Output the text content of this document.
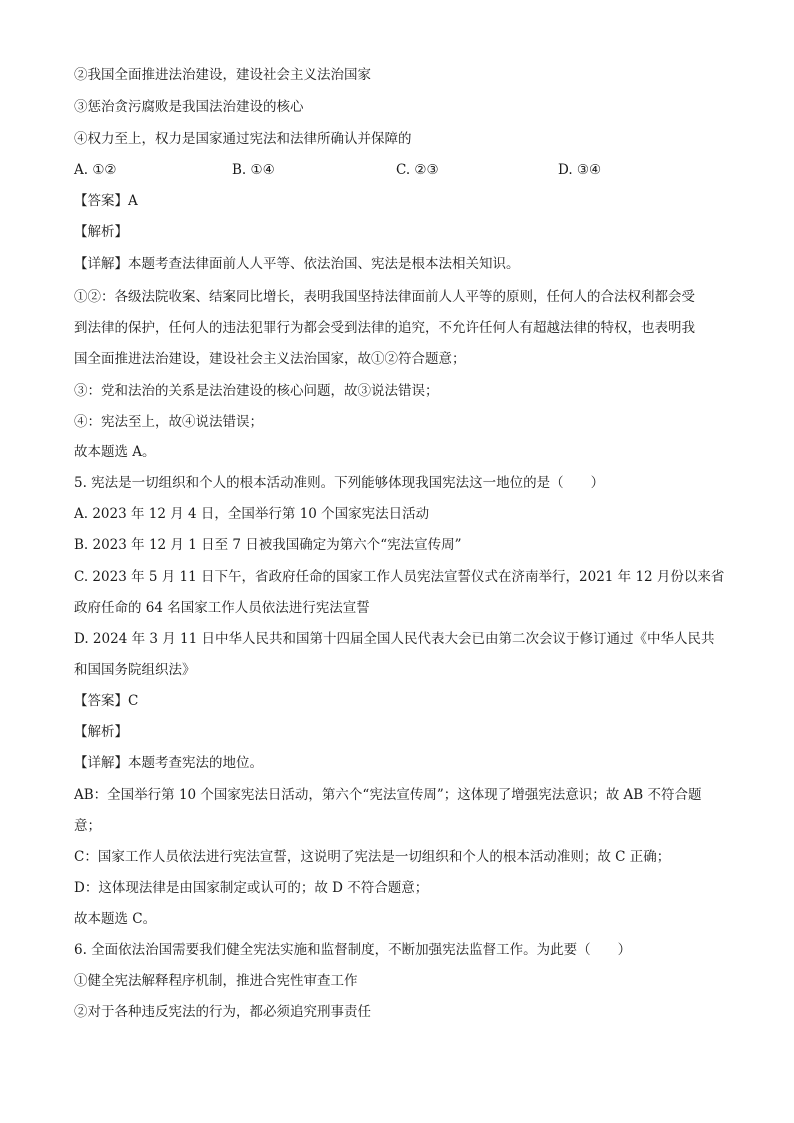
②我国全面推进法治建设，建设社会主义法治国家
③惩治贪污腐败是我国法治建设的核心
④权力至上，权力是国家通过宪法和法律所确认并保障的
A. ①②	B. ①④	C. ②③	D. ③④
【答案】A
【解析】
【详解】本题考查法律面前人人平等、依法治国、宪法是根本法相关知识。
①②：各级法院收案、结案同比增长，表明我国坚持法律面前人人平等的原则，任何人的合法权利都会受
到法律的保护，任何人的违法犯罪行为都会受到法律的追究，不允许任何人有超越法律的特权，也表明我
国全面推进法治建设，建设社会主义法治国家，故①②符合题意；
③：党和法治的关系是法治建设的核心问题，故③说法错误；
④：宪法至上，故④说法错误；
故本题选 A。
5. 宪法是一切组织和个人的根本活动准则。下列能够体现我国宪法这一地位的是（　　）
A. 2023 年 12 月 4 日，全国举行第 10 个国家宪法日活动
B. 2023 年 12 月 1 日至 7 日被我国确定为第六个“宪法宣传周”
C. 2023 年 5 月 11 日下午，省政府任命的国家工作人员宪法宣誓仪式在济南举行，2021 年 12 月份以来省
政府任命的 64 名国家工作人员依法进行宪法宣誓
D. 2024 年 3 月 11 日中华人民共和国第十四届全国人民代表大会已由第二次会议于修订通过《中华人民共
和国国务院组织法》
【答案】C
【解析】
【详解】本题考查宪法的地位。
AB：全国举行第 10 个国家宪法日活动，第六个“宪法宣传周”；这体现了增强宪法意识；故 AB 不符合题
意；
C：国家工作人员依法进行宪法宣誓，这说明了宪法是一切组织和个人的根本活动准则；故 C 正确；
D：这体现法律是由国家制定或认可的；故 D 不符合题意；
故本题选 C。
6. 全面依法治国需要我们健全宪法实施和监督制度，不断加强宪法监督工作。为此要（　　）
①健全宪法解释程序机制，推进合宪性审查工作
②对于各种违反宪法的行为，都必须追究刑事责任
